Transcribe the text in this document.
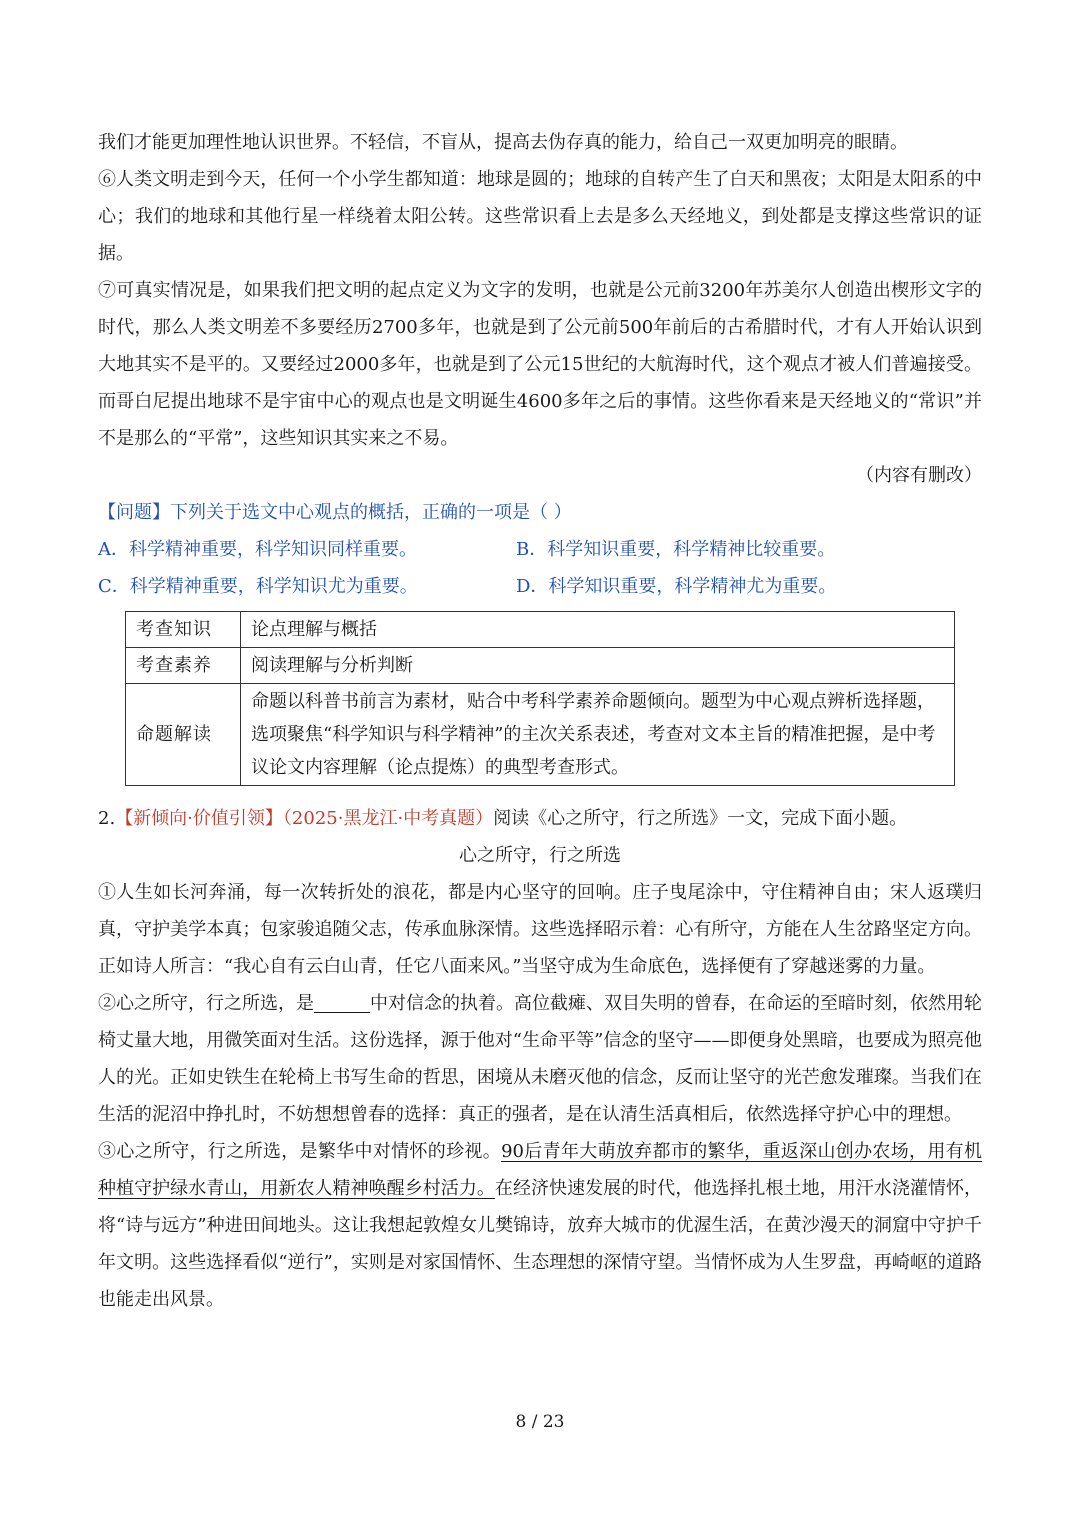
我们才能更加理性地认识世界。不轻信，不盲从，提高去伪存真的能力，给自己一双更加明亮的眼睛。

⑥人类文明走到今天，任何一个小学生都知道：地球是圆的；地球的自转产生了白天和黑夜；太阳是太阳系的中心；我们的地球和其他行星一样绕着太阳公转。这些常识看上去是多么天经地义，到处都是支撑这些常识的证据。

⑦可真实情况是，如果我们把文明的起点定义为文字的发明，也就是公元前3200年苏美尔人创造出楔形文字的时代，那么人类文明差不多要经历2700多年，也就是到了公元前500年前后的古希腊时代，才有人开始认识到大地其实不是平的。又要经过2000多年，也就是到了公元15世纪的大航海时代，这个观点才被人们普遍接受。而哥白尼提出地球不是宇宙中心的观点也是文明诞生4600多年之后的事情。这些你看来是天经地义的“常识”并不是那么的“平常”，这些知识其实来之不易。

（内容有删改）

【问题】下列关于选文中心观点的概括，正确的一项是（ ）

A．科学精神重要，科学知识同样重要。	B．科学知识重要，科学精神比较重要。
C．科学精神重要，科学知识尤为重要。	D．科学知识重要，科学精神尤为重要。
考查知识	论点理解与概括
考查素养	阅读理解与分析判断
命题解读	命题以科普书前言为素材，贴合中考科学素养命题倾向。题型为中心观点辨析选择题，选项聚焦“科学知识与科学精神”的主次关系表述，考查对文本主旨的精准把握，是中考议论文内容理解（论点提炼）的典型考查形式。

2.【新倾向·价值引领】（2025·黑龙江·中考真题）阅读《心之所守，行之所选》一文，完成下面小题。

心之所守，行之所选

①人生如长河奔涌，每一次转折处的浪花，都是内心坚守的回响。庄子曳尾涂中，守住精神自由；宋人返璞归真，守护美学本真；包家骏追随父志，传承血脉深情。这些选择昭示着：心有所守，方能在人生岔路坚定方向。正如诗人所言：“我心自有云白山青，任它八面来风。”当坚守成为生命底色，选择便有了穿越迷雾的力量。

②心之所守，行之所选，是	中对信念的执着。高位截瘫、双目失明的曾春，在命运的至暗时刻，依然用轮椅丈量大地，用微笑面对生活。这份选择，源于他对“生命平等”信念的坚守——即便身处黑暗，也要成为照亮他人的光。正如史铁生在轮椅上书写生命的哲思，困境从未磨灭他的信念，反而让坚守的光芒愈发璀璨。当我们在生活的泥沼中挣扎时，不妨想想曾春的选择：真正的强者，是在认清生活真相后，依然选择守护心中的理想。

③心之所守，行之所选，是繁华中对情怀的珍视。90后青年大萌放弃都市的繁华，重返深山创办农场，用有机种植守护绿水青山，用新农人精神唤醒乡村活力。在经济快速发展的时代，他选择扎根土地，用汗水浇灌情怀，将“诗与远方”种进田间地头。这让我想起敦煌女儿樊锦诗，放弃大城市的优渥生活，在黄沙漫天的洞窟中守护千年文明。这些选择看似“逆行”，实则是对家国情怀、生态理想的深情守望。当情怀成为人生罗盘，再崎岖的道路也能走出风景。

8 / 23
